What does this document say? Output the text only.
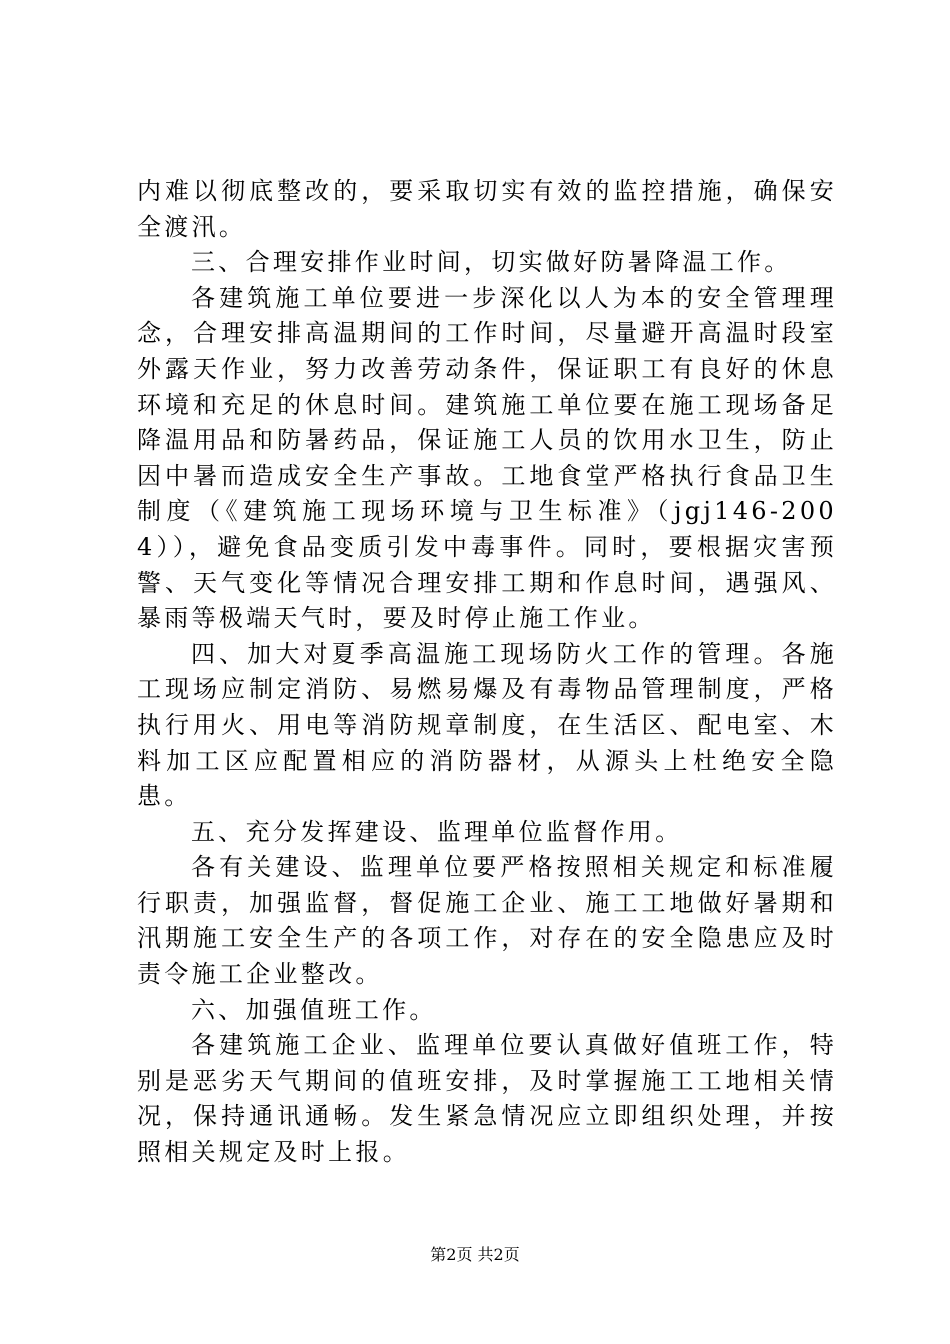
内难以彻底整改的，要采取切实有效的监控措施，确保安全渡汛。

三、合理安排作业时间，切实做好防暑降温工作。

各建筑施工单位要进一步深化以人为本的安全管理理念，合理安排高温期间的工作时间，尽量避开高温时段室外露天作业，努力改善劳动条件，保证职工有良好的休息环境和充足的休息时间。建筑施工单位要在施工现场备足降温用品和防暑药品，保证施工人员的饮用水卫生，防止因中暑而造成安全生产事故。工地食堂严格执行食品卫生制度（《建筑施工现场环境与卫生标准》（jgj146-2004）），避免食品变质引发中毒事件。同时，要根据灾害预警、天气变化等情况合理安排工期和作息时间，遇强风、暴雨等极端天气时，要及时停止施工作业。

四、加大对夏季高温施工现场防火工作的管理。各施工现场应制定消防、易燃易爆及有毒物品管理制度，严格执行用火、用电等消防规章制度，在生活区、配电室、木料加工区应配置相应的消防器材，从源头上杜绝安全隐患。

五、充分发挥建设、监理单位监督作用。

各有关建设、监理单位要严格按照相关规定和标准履行职责，加强监督，督促施工企业、施工工地做好暑期和汛期施工安全生产的各项工作，对存在的安全隐患应及时责令施工企业整改。

六、加强值班工作。

各建筑施工企业、监理单位要认真做好值班工作，特别是恶劣天气期间的值班安排，及时掌握施工工地相关情况，保持通讯通畅。发生紧急情况应立即组织处理，并按照相关规定及时上报。

第2页 共2页
